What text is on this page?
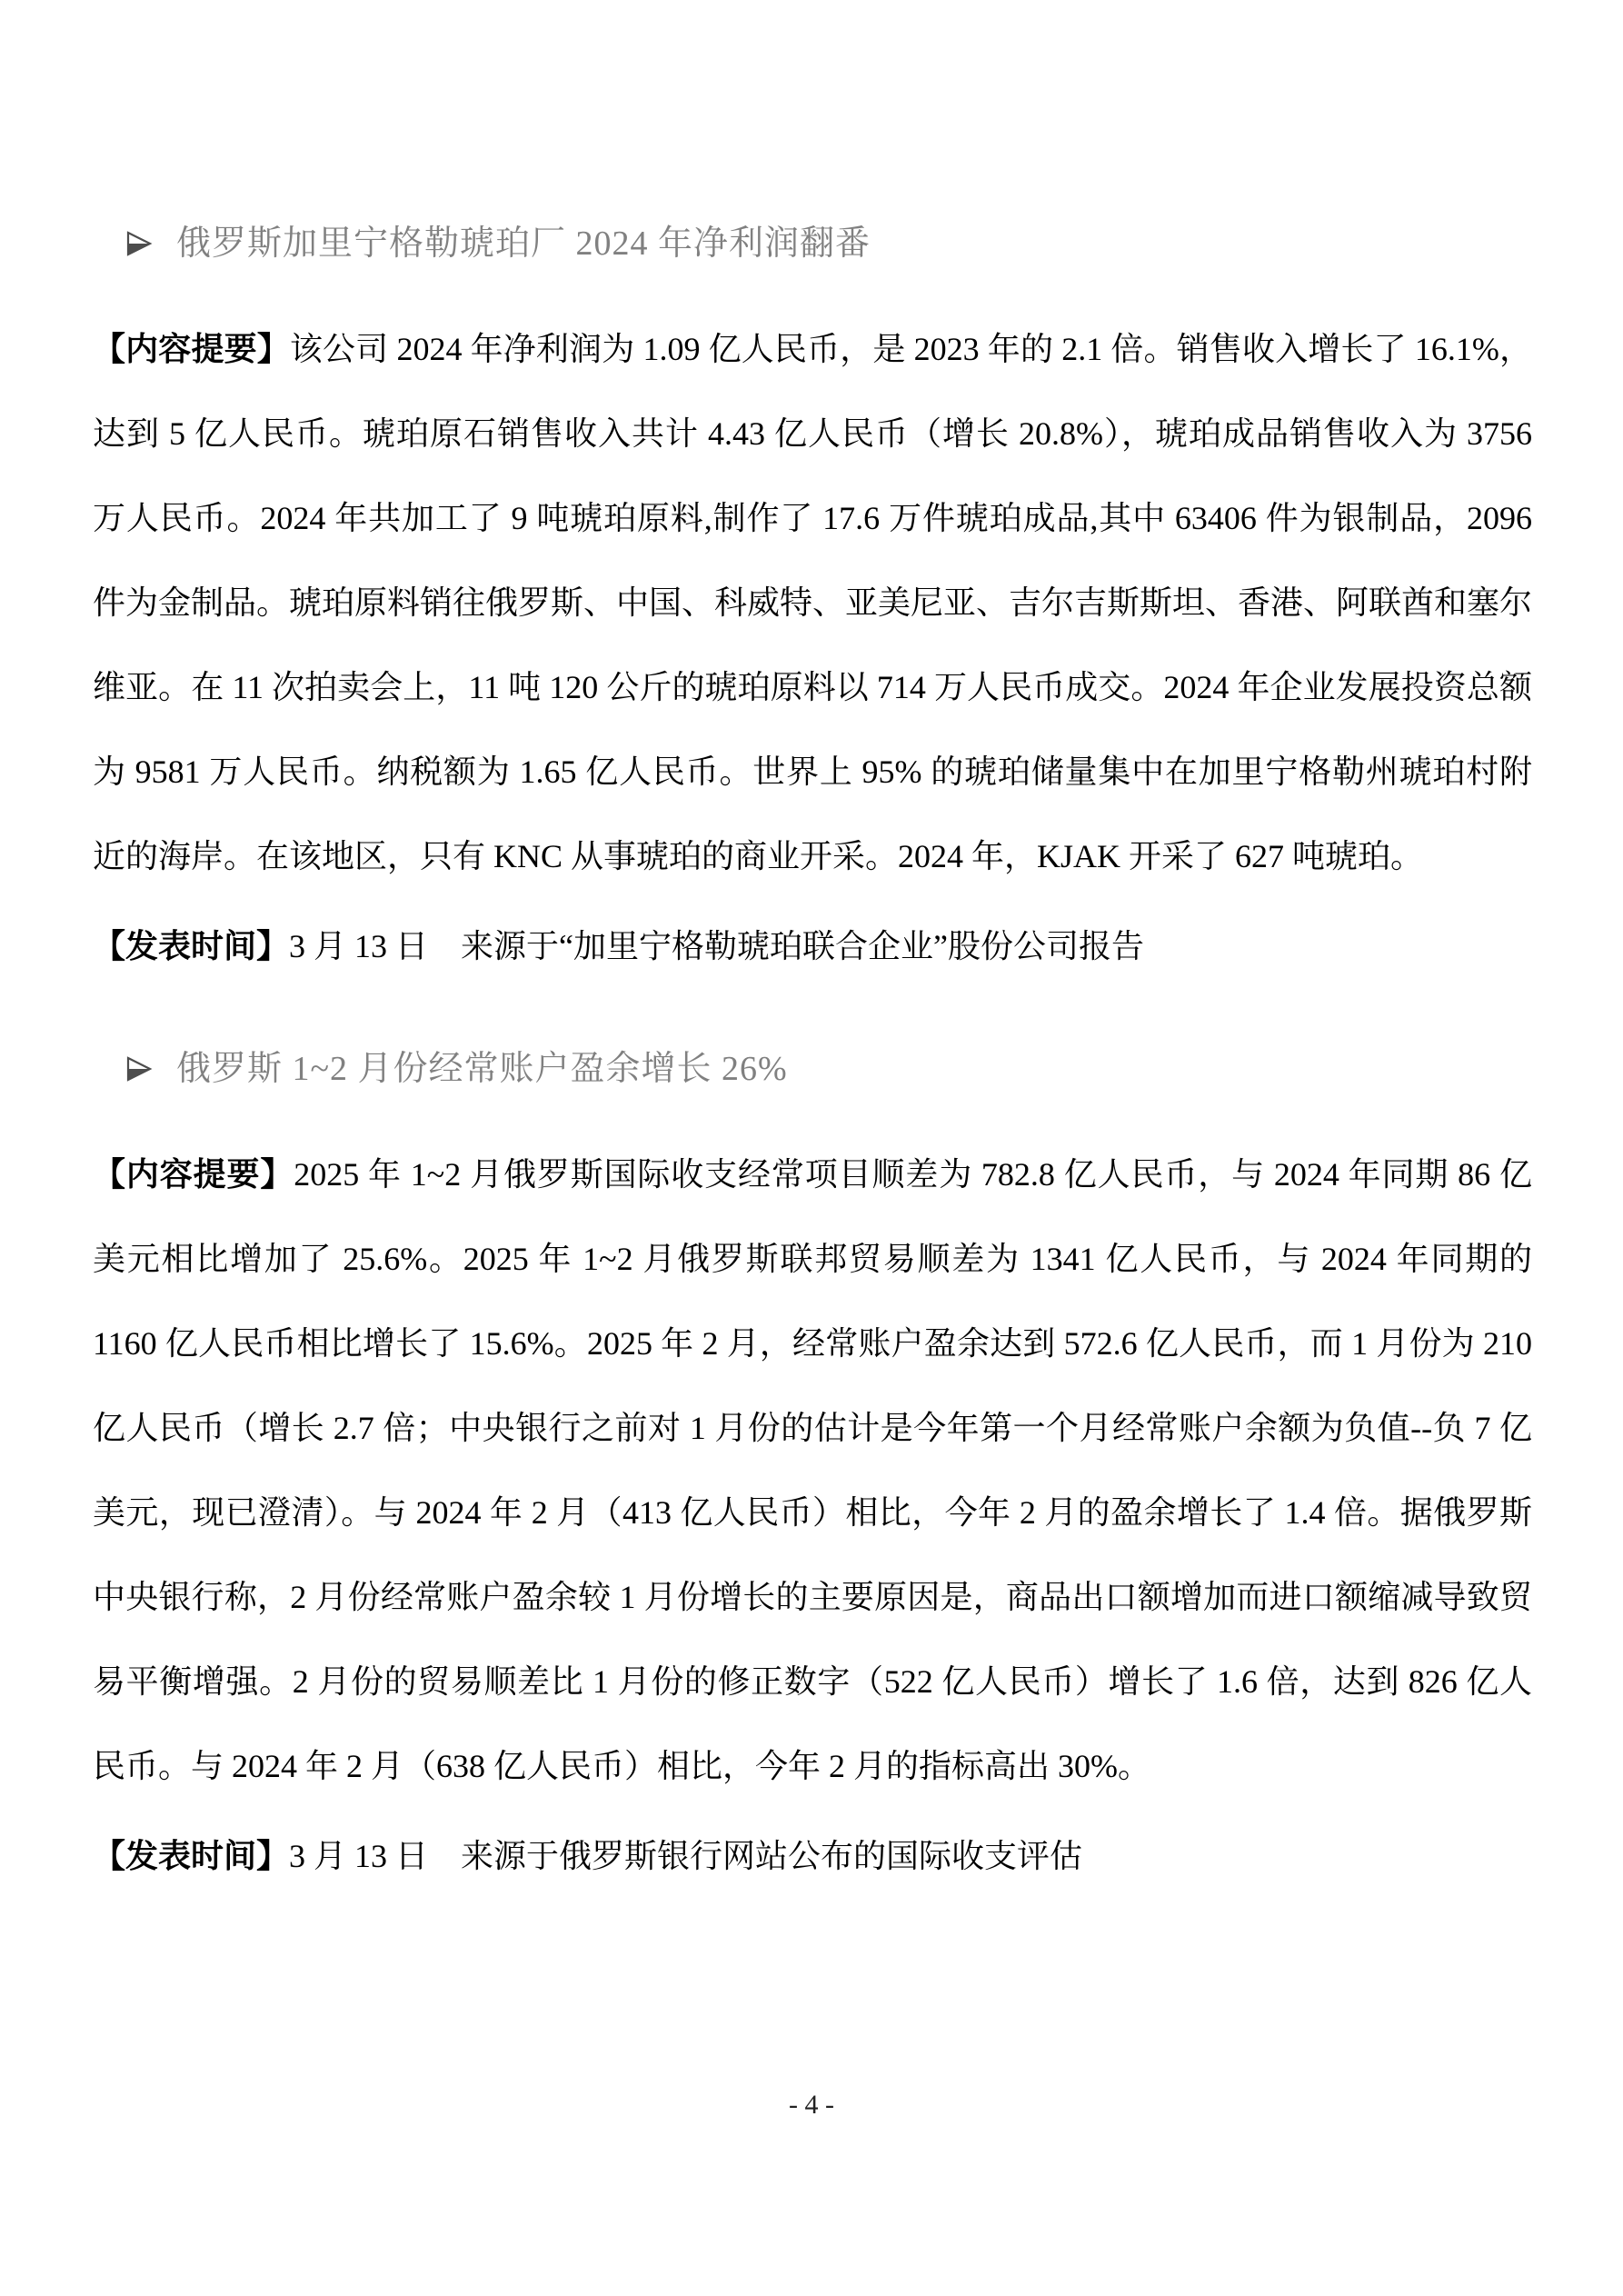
俄罗斯加里宁格勒琥珀厂 2024 年净利润翻番

【内容提要】该公司 2024 年净利润为 1.09 亿人民币，是 2023 年的 2.1 倍。销售收入增长了 16.1%，达到 5 亿人民币。琥珀原石销售收入共计 4.43 亿人民币（增长 20.8%），琥珀成品销售收入为 3756 万人民币。2024 年共加工了 9 吨琥珀原料,制作了 17.6 万件琥珀成品,其中 63406 件为银制品，2096 件为金制品。琥珀原料销往俄罗斯、中国、科威特、亚美尼亚、吉尔吉斯斯坦、香港、阿联酋和塞尔维亚。在 11 次拍卖会上，11 吨 120 公斤的琥珀原料以 714 万人民币成交。2024 年企业发展投资总额为 9581 万人民币。纳税额为 1.65 亿人民币。世界上 95% 的琥珀储量集中在加里宁格勒州琥珀村附近的海岸。在该地区，只有 KNC 从事琥珀的商业开采。2024 年，KJAK 开采了 627 吨琥珀。

【发表时间】3 月 13 日　来源于“加里宁格勒琥珀联合企业”股份公司报告

俄罗斯 1~2 月份经常账户盈余增长 26%

【内容提要】2025 年 1~2 月俄罗斯国际收支经常项目顺差为 782.8 亿人民币，与 2024 年同期 86 亿美元相比增加了 25.6%。2025 年 1~2 月俄罗斯联邦贸易顺差为 1341 亿人民币，与 2024 年同期的 1160 亿人民币相比增长了 15.6%。2025 年 2 月，经常账户盈余达到 572.6 亿人民币，而 1 月份为 210 亿人民币（增长 2.7 倍；中央银行之前对 1 月份的估计是今年第一个月经常账户余额为负值--负 7 亿美元，现已澄清）。与 2024 年 2 月（413 亿人民币）相比，今年 2 月的盈余增长了 1.4 倍。据俄罗斯中央银行称，2 月份经常账户盈余较 1 月份增长的主要原因是，商品出口额增加而进口额缩减导致贸易平衡增强。2 月份的贸易顺差比 1 月份的修正数字（522 亿人民币）增长了 1.6 倍，达到 826 亿人民币。与 2024 年 2 月（638 亿人民币）相比，今年 2 月的指标高出 30%。

【发表时间】3 月 13 日　来源于俄罗斯银行网站公布的国际收支评估

- 4 -
